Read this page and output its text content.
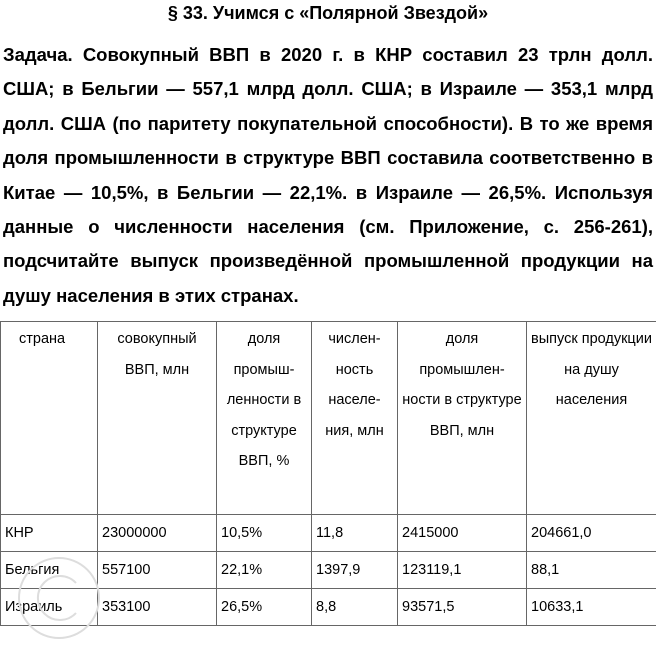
§ 33. Учимся с «Полярной Звездой»
Задача. Совокупный ВВП в 2020 г. в КНР составил 23 трлн долл. США; в Бельгии — 557,1 млрд долл. США; в Израиле — 353,1 млрд долл. США (по паритету покупательной способности). В то же время доля промышленности в структуре ВВП составила соответственно в Китае — 10,5%, в Бельгии — 22,1%. в Израиле — 26,5%. Используя данные о численности населения (см. Приложение, с. 256-261), подсчитайте выпуск произведённой промышленной продукции на душу населения в этих странах.
страна	совокупный ВВП, млн	доля промыш-ленности в структуре ВВП, %	числен-ность населе-ния, млн	доля промышлен-ности в структуре ВВП, млн	выпуск продукции на душу населения
КНР	23000000	10,5%	11,8	2415000	204661,0
Бельгия	557100	22,1%	1397,9	123119,1	88,1
Израиль	353100	26,5%	8,8	93571,5	10633,1
